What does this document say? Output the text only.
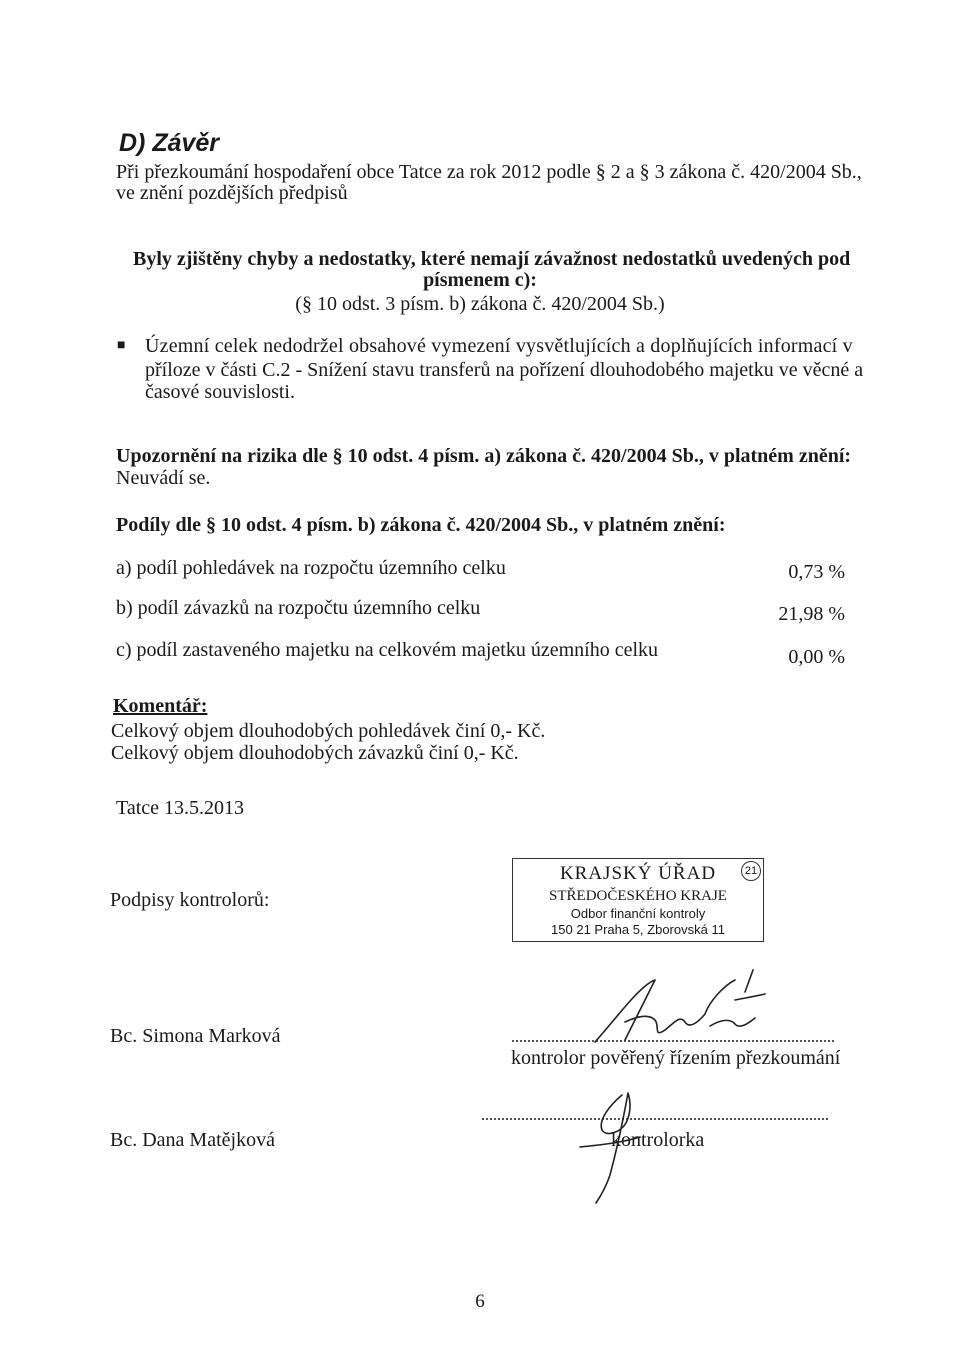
D) Závěr
Při přezkoumání hospodaření obce Tatce za rok 2012 podle § 2 a § 3 zákona č. 420/2004 Sb.,
ve znění pozdějších předpisů
Byly zjištěny chyby a nedostatky, které nemají závažnost nedostatků uvedených pod
písmenem c):
(§ 10 odst. 3 písm. b) zákona č. 420/2004 Sb.)
■ Územní celek nedodržel obsahové vymezení vysvětlujících a doplňujících informací v
příloze v části C.2 - Snížení stavu transferů na pořízení dlouhodobého majetku ve věcné a
časové souvislosti.
Upozornění na rizika dle § 10 odst. 4 písm. a) zákona č. 420/2004 Sb., v platném znění:
Neuvádí se.
Podíly dle § 10 odst. 4 písm. b) zákona č. 420/2004 Sb., v platném znění:
a) podíl pohledávek na rozpočtu územního celku	0,73 %
b) podíl závazků na rozpočtu územního celku	21,98 %
c) podíl zastaveného majetku na celkovém majetku územního celku	0,00 %
Komentář:
Celkový objem dlouhodobých pohledávek činí 0,- Kč.
Celkový objem dlouhodobých závazků činí 0,- Kč.
Tatce 13.5.2013
Podpisy kontrolorů:
KRAJSKÝ ÚŘAD
STŘEDOČESKÉHO KRAJE
Odbor finanční kontroly
150 21 Praha 5, Zborovská 11
21
Bc. Simona Marková
kontrolor pověřený řízením přezkoumání
Bc. Dana Matějková	kontrolorka
6
